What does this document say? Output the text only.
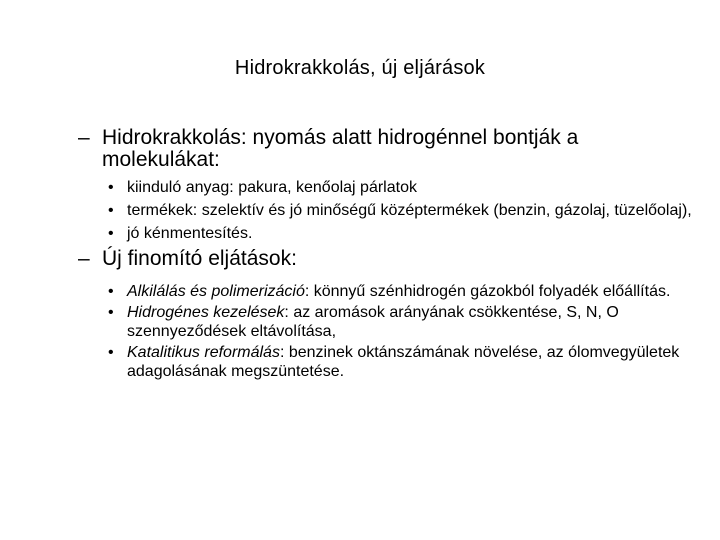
Hidrokrakkolás, új eljárások

– Hidrokrakkolás: nyomás alatt hidrogénnel bontják a molekulákat:

• kiinduló anyag: pakura, kenőolaj párlatok
• termékek: szelektív és jó minőségű középtermékek (benzin, gázolaj, tüzelőolaj),
• jó kénmentesítés.

– Új finomító eljátások:

• Alkilálás és polimerizáció: könnyű szénhidrogén gázokból folyadék előállítás.
• Hidrogénes kezelések: az aromások arányának csökkentése, S, N, O szennyeződések eltávolítása,
• Katalitikus reformálás: benzinek oktánszámának növelése, az ólomvegyületek adagolásának megszüntetése.
